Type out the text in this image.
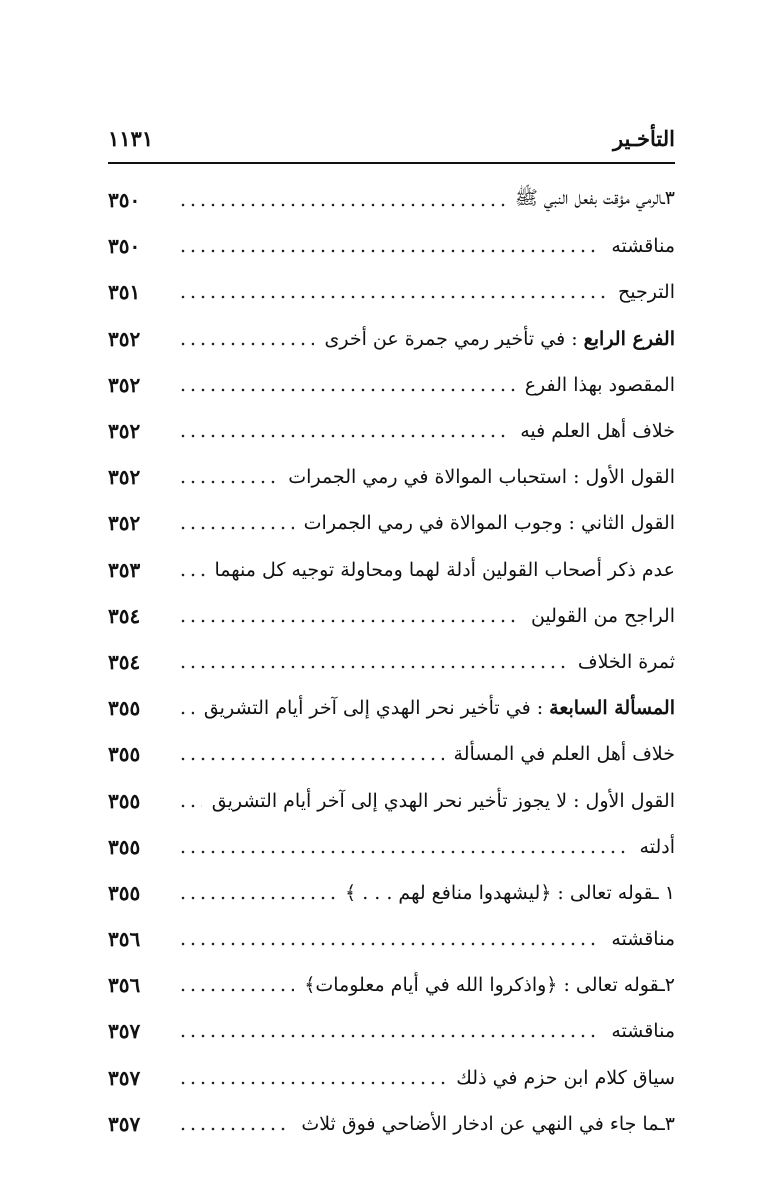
التأخـير
١١٣١
٣ـالرمي مؤقت بفعل النبي ﷺ
٣٥٠
مناقشته
٣٥٠
الترجيح
٣٥١
الفرع الرابع : في تأخير رمي جمرة عن أخرى
٣٥٢
المقصود بهذا الفرع
٣٥٢
خلاف أهل العلم فيه
٣٥٢
القول الأول : استحباب الموالاة في رمي الجمرات
٣٥٢
القول الثاني : وجوب الموالاة في رمي الجمرات
٣٥٢
عدم ذكر أصحاب القولين أدلة لهما ومحاولة توجيه كل منهما
٣٥٣
الراجح من القولين
٣٥٤
ثمرة الخلاف
٣٥٤
المسألة السابعة : في تأخير نحر الهدي إلى آخر أيام التشريق
٣٥٥
خلاف أهل العلم في المسألة
٣٥٥
القول الأول : لا يجوز تأخير نحر الهدي إلى آخر أيام التشريق
٣٥٥
أدلته
٣٥٥
١ ـقوله تعالى : ﴿ليشهدوا منافع لهم . . . ﴾
٣٥٥
مناقشته
٣٥٦
٢ـقوله تعالى : ﴿واذكروا الله في أيام معلومات﴾
٣٥٦
مناقشته
٣٥٧
سياق كلام ابن حزم في ذلك
٣٥٧
٣ـما جاء في النهي عن ادخار الأضاحي فوق ثلاث
٣٥٧
